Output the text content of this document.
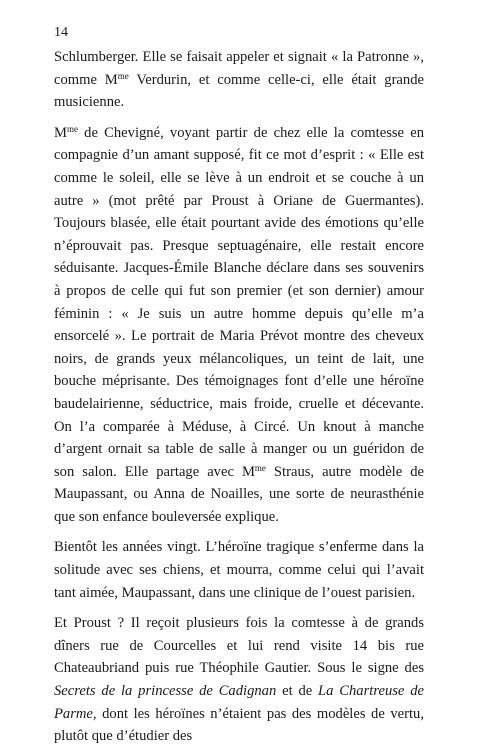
14

Schlumberger. Elle se faisait appeler et signait « la Patronne », comme $M^{me}$ Verdurin, et comme celle-ci, elle était grande musicienne.

$M^{me}$ de Chevigné, voyant partir de chez elle la comtesse en compagnie d’un amant supposé, fit ce mot d’esprit : « Elle est comme le soleil, elle se lève à un endroit et se couche à un autre » (mot prêté par Proust à Oriane de Guermantes). Toujours blasée, elle était pourtant avide des émotions qu’elle n’éprouvait pas. Presque septuagénaire, elle restait encore séduisante. Jacques-Émile Blanche déclare dans ses souvenirs à propos de celle qui fut son premier (et son dernier) amour féminin : « Je suis un autre homme depuis qu’elle m’a ensorcelé ». Le portrait de Maria Prévot montre des cheveux noirs, de grands yeux mélancoliques, un teint de lait, une bouche méprisante. Des témoignages font d’elle une héroïne baudelairienne, séductrice, mais froide, cruelle et décevante. On l’a comparée à Méduse, à Circé. Un knout à manche d’argent ornait sa table de salle à manger ou un guéridon de son salon. Elle partage avec $M^{me}$ Straus, autre modèle de Maupassant, ou Anna de Noailles, une sorte de neurasthénie que son enfance bouleversée explique.

Bientôt les années vingt. L’héroïne tragique s’enferme dans la solitude avec ses chiens, et mourra, comme celui qui l’avait tant aimée, Maupassant, dans une clinique de l’ouest parisien.

Et Proust ? Il reçoit plusieurs fois la comtesse à de grands dîners rue de Courcelles et lui rend visite 14 bis rue Chateaubriand puis rue Théophile Gautier. Sous le signe des Secrets de la princesse de Cadignan et de La Chartreuse de Parme, dont les héroïnes n’étaient pas des modèles de vertu, plutôt que d’étudier des
